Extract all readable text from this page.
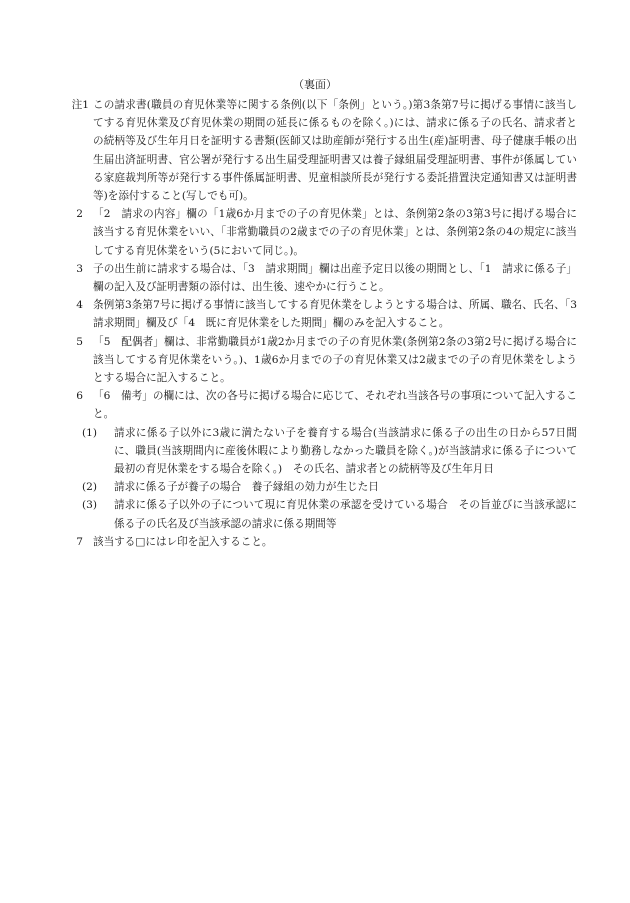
（裏面）
注1 この請求書(職員の育児休業等に関する条例(以下「条例」という。)第3条第7号に掲げる事情に該当してする育児休業及び育児休業の期間の延長に係るものを除く。)には、請求に係る子の氏名、請求者との続柄等及び生年月日を証明する書類(医師又は助産師が発行する出生(産)証明書、母子健康手帳の出生届出済証明書、官公署が発行する出生届受理証明書又は養子縁組届受理証明書、事件が係属している家庭裁判所等が発行する事件係属証明書、児童相談所長が発行する委託措置決定通知書又は証明書等)を添付すること(写しでも可)。
2 「2　請求の内容」欄の「1歳6か月までの子の育児休業」とは、条例第2条の3第3号に掲げる場合に該当する育児休業をいい、「非常勤職員の2歳までの子の育児休業」とは、条例第2条の4の規定に該当してする育児休業をいう(5において同じ。)。
3 子の出生前に請求する場合は、「3　請求期間」欄は出産予定日以後の期間とし、「1　請求に係る子」欄の記入及び証明書類の添付は、出生後、速やかに行うこと。
4 条例第3条第7号に掲げる事情に該当してする育児休業をしようとする場合は、所属、職名、氏名、「3　請求期間」欄及び「4　既に育児休業をした期間」欄のみを記入すること。
5 「5　配偶者」欄は、非常勤職員が1歳2か月までの子の育児休業(条例第2条の3第2号に掲げる場合に該当してする育児休業をいう。)、1歳6か月までの子の育児休業又は2歳までの子の育児休業をしようとする場合に記入すること。
6 「6　備考」の欄には、次の各号に掲げる場合に応じて、それぞれ当該各号の事項について記入すること。
(1)	請求に係る子以外に3歳に満たない子を養育する場合(当該請求に係る子の出生の日から57日間に、職員(当該期間内に産後休暇により勤務しなかった職員を除く。)が当該請求に係る子について最初の育児休業をする場合を除く。)　その氏名、請求者との続柄等及び生年月日
(2)	請求に係る子が養子の場合　養子縁組の効力が生じた日
(3)	請求に係る子以外の子について現に育児休業の承認を受けている場合　その旨並びに当該承認に係る子の氏名及び当該承認の請求に係る期間等
7 該当する□にはレ印を記入すること。
